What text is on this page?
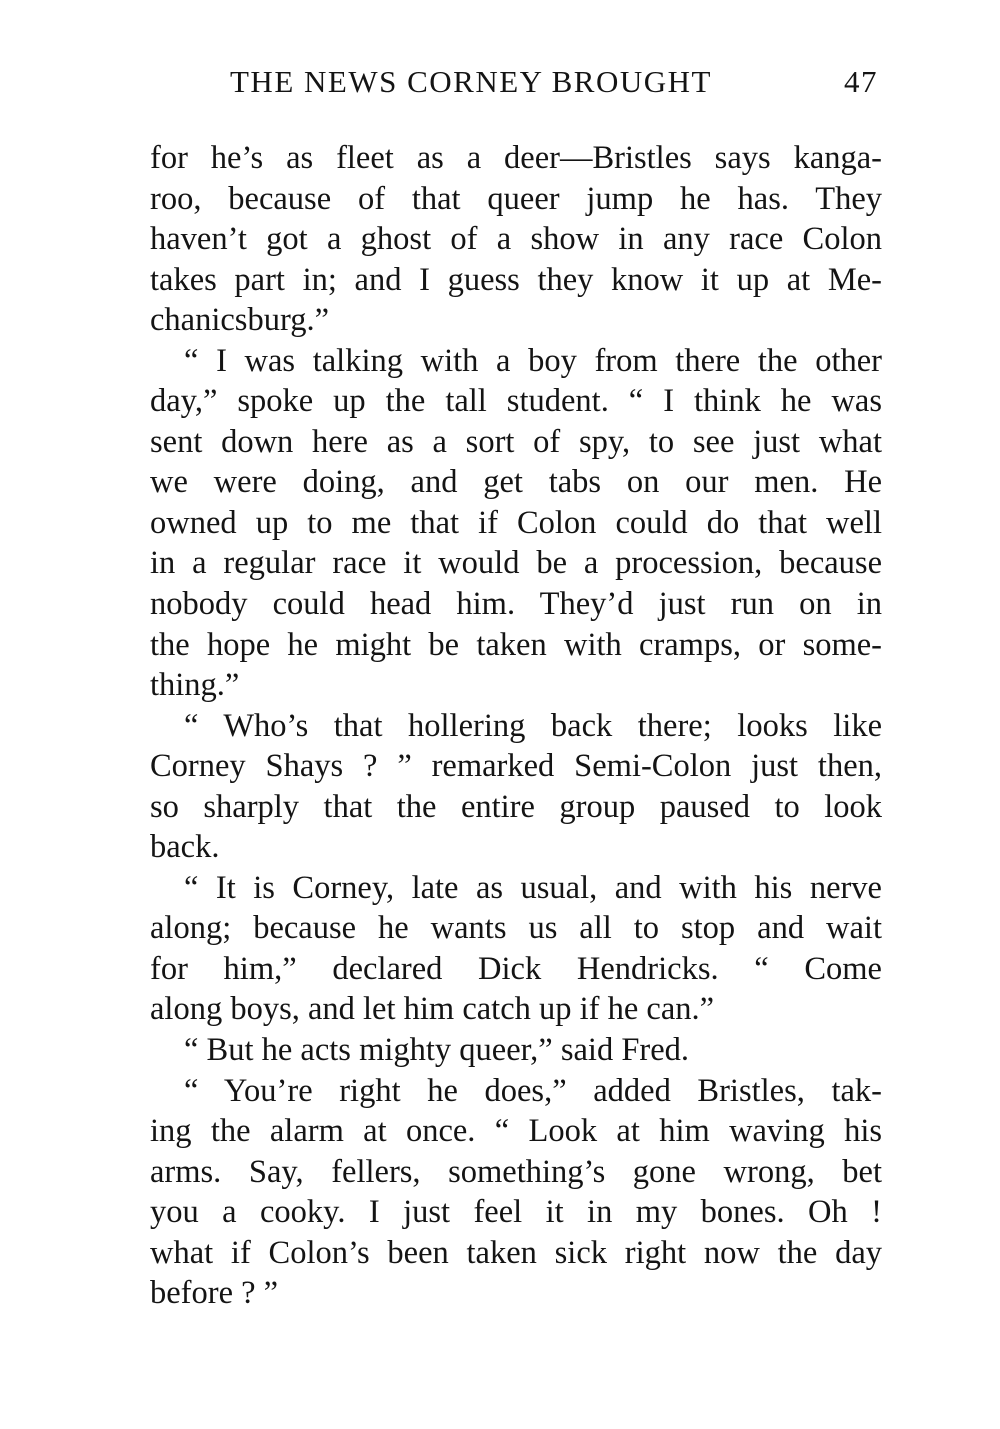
THE NEWS CORNEY BROUGHT	47
for he’s as fleet as a deer—Bristles says kanga-
roo, because of that queer jump he has. They
haven’t got a ghost of a show in any race Colon
takes part in; and I guess they know it up at Me-
chanicsburg.”
“ I was talking with a boy from there the other
day,” spoke up the tall student. “ I think he was
sent down here as a sort of spy, to see just what
we were doing, and get tabs on our men. He
owned up to me that if Colon could do that well
in a regular race it would be a procession, because
nobody could head him. They’d just run on in
the hope he might be taken with cramps, or some-
thing.”
“ Who’s that hollering back there; looks like
Corney Shays ? ” remarked Semi-Colon just then,
so sharply that the entire group paused to look
back.
“ It is Corney, late as usual, and with his nerve
along; because he wants us all to stop and wait
for him,” declared Dick Hendricks. “ Come
along boys, and let him catch up if he can.”
“ But he acts mighty queer,” said Fred.
“ You’re right he does,” added Bristles, tak-
ing the alarm at once. “ Look at him waving his
arms. Say, fellers, something’s gone wrong, bet
you a cooky. I just feel it in my bones. Oh !
what if Colon’s been taken sick right now the day
before ? ”
